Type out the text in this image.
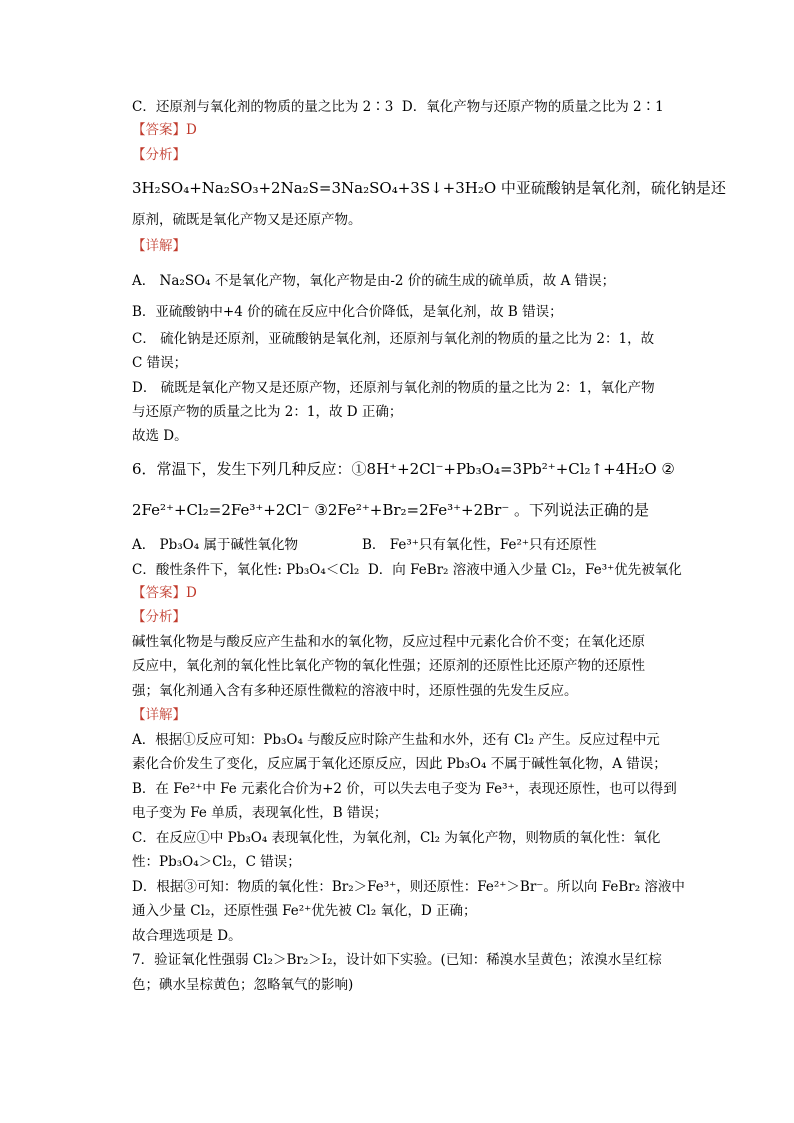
C．还原剂与氧化剂的物质的量之比为 2∶3 D．氧化产物与还原产物的质量之比为 2∶1
【答案】D
【分析】
3H₂SO₄+Na₂SO₃+2Na₂S=3Na₂SO₄+3S↓+3H₂O 中亚硫酸钠是氧化剂，硫化钠是还
原剂，硫既是氧化产物又是还原产物。
【详解】
A． Na₂SO₄ 不是氧化产物，氧化产物是由-2 价的硫生成的硫单质，故 A 错误；
B．亚硫酸钠中+4 价的硫在反应中化合价降低，是氧化剂，故 B 错误；
C． 硫化钠是还原剂，亚硫酸钠是氧化剂，还原剂与氧化剂的物质的量之比为 2：1，故
C 错误；
D． 硫既是氧化产物又是还原产物，还原剂与氧化剂的物质的量之比为 2：1，氧化产物
与还原产物的质量之比为 2：1，故 D 正确；
故选 D。
6．常温下，发生下列几种反应：①8H⁺+2Cl⁻+Pb₃O₄=3Pb²⁺+Cl₂↑+4H₂O ②
2Fe²⁺+Cl₂=2Fe³⁺+2Cl⁻ ③2Fe²⁺+Br₂=2Fe³⁺+2Br⁻ 。下列说法正确的是
A． Pb₃O₄ 属于碱性氧化物	B． Fe³⁺只有氧化性，Fe²⁺只有还原性
C．酸性条件下，氧化性: Pb₃O₄＜Cl₂ D．向 FeBr₂ 溶液中通入少量 Cl₂，Fe³⁺优先被氧化
【答案】D
【分析】
碱性氧化物是与酸反应产生盐和水的氧化物，反应过程中元素化合价不变；在氧化还原
反应中，氧化剂的氧化性比氧化产物的氧化性强；还原剂的还原性比还原产物的还原性
强；氧化剂通入含有多种还原性微粒的溶液中时，还原性强的先发生反应。
【详解】
A．根据①反应可知：Pb₃O₄ 与酸反应时除产生盐和水外，还有 Cl₂ 产生。反应过程中元
素化合价发生了变化，反应属于氧化还原反应，因此 Pb₃O₄ 不属于碱性氧化物，A 错误；
B．在 Fe²⁺中 Fe 元素化合价为+2 价，可以失去电子变为 Fe³⁺，表现还原性，也可以得到
电子变为 Fe 单质，表现氧化性，B 错误；
C．在反应①中 Pb₃O₄ 表现氧化性，为氧化剂，Cl₂ 为氧化产物，则物质的氧化性：氧化
性：Pb₃O₄＞Cl₂，C 错误；
D．根据③可知：物质的氧化性：Br₂＞Fe³⁺，则还原性：Fe²⁺＞Br⁻。所以向 FeBr₂ 溶液中
通入少量 Cl₂，还原性强 Fe²⁺优先被 Cl₂ 氧化，D 正确；
故合理选项是 D。
7．验证氧化性强弱 Cl₂＞Br₂＞I₂，设计如下实验。(已知：稀溴水呈黄色；浓溴水呈红棕
色；碘水呈棕黄色；忽略氧气的影响)
